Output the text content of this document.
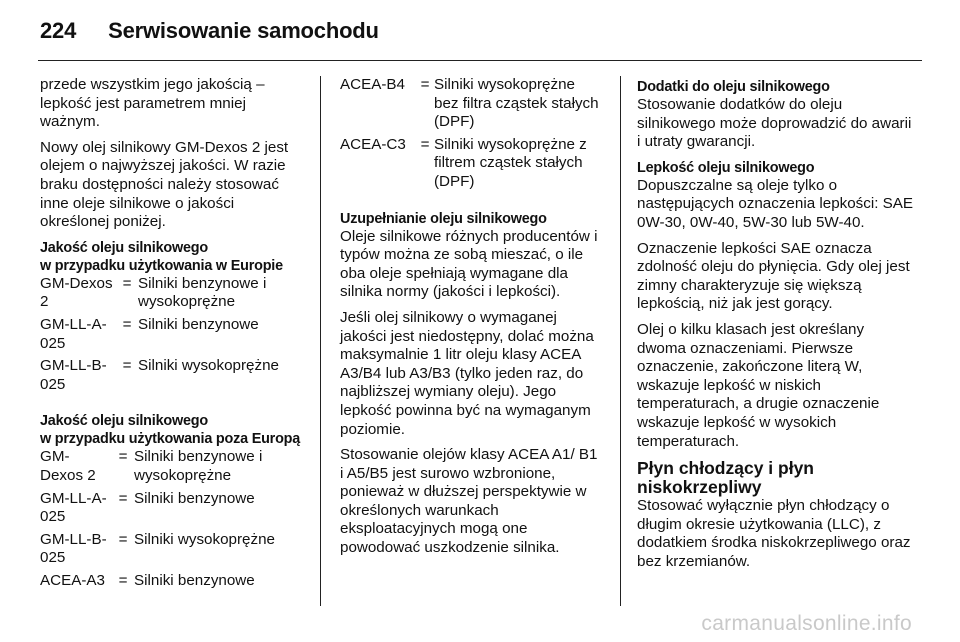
224 Serwisowanie samochodu

przede wszystkim jego jakością – lepkość jest parametrem mniej ważnym.

Nowy olej silnikowy GM-Dexos 2 jest olejem o najwyższej jakości. W razie braku dostępności należy stosować inne oleje silnikowe o jakości określonej poniżej.

Jakość oleju silnikowego
w przypadku użytkowania w Europie
GM-Dexos 2
= Silniki benzynowe i wysokoprężne
GM-LL-A-025
= Silniki benzynowe
GM-LL-B-025
= Silniki wysokoprężne
Jakość oleju silnikowego
w przypadku użytkowania poza Europą
GM-Dexos 2
= Silniki benzynowe i wysokoprężne
GM-LL-A-025
= Silniki benzynowe
GM-LL-B-025
= Silniki wysokoprężne
ACEA-A3 = Silniki benzynowe
ACEA-B4	= Silniki wysokoprężne bez filtra cząstek stałych (DPF)
ACEA-C3 = Silniki wysokoprężne z filtrem cząstek stałych (DPF)
Uzupełnianie oleju silnikowego

Oleje silnikowe różnych producentów i typów można ze sobą mieszać, o ile oba oleje spełniają wymagane dla silnika normy (jakości i lepkości).

Jeśli olej silnikowy o wymaganej jakości jest niedostępny, dolać można maksymalnie 1 litr oleju klasy ACEA A3/B4 lub A3/B3 (tylko jeden raz, do najbliższej wymiany oleju). Jego lepkość powinna być na wymaganym poziomie.

Stosowanie olejów klasy ACEA A1/ B1 i A5/B5 jest surowo wzbronione, ponieważ w dłuższej perspektywie w określonych warunkach eksploatacyjnych mogą one powodować uszkodzenie silnika.

Dodatki do oleju silnikowego

Stosowanie dodatków do oleju silnikowego może doprowadzić do awarii i utraty gwarancji.

Lepkość oleju silnikowego

Dopuszczalne są oleje tylko o następujących oznaczenia lepkości: SAE 0W-30, 0W-40, 5W-30 lub 5W-40.

Oznaczenie lepkości SAE oznacza zdolność oleju do płynięcia. Gdy olej jest zimny charakteryzuje się większą lepkością, niż jak jest gorący.

Olej o kilku klasach jest określany dwoma oznaczeniami. Pierwsze oznaczenie, zakończone literą W, wskazuje lepkość w niskich temperaturach, a drugie oznaczenie wskazuje lepkość w wysokich temperaturach.

Płyn chłodzący i płyn
niskokrzepliwy

Stosować wyłącznie płyn chłodzący o długim okresie użytkowania (LLC), z dodatkiem środka niskokrzepliwego oraz bez krzemianów.

carmanualsonline.info
